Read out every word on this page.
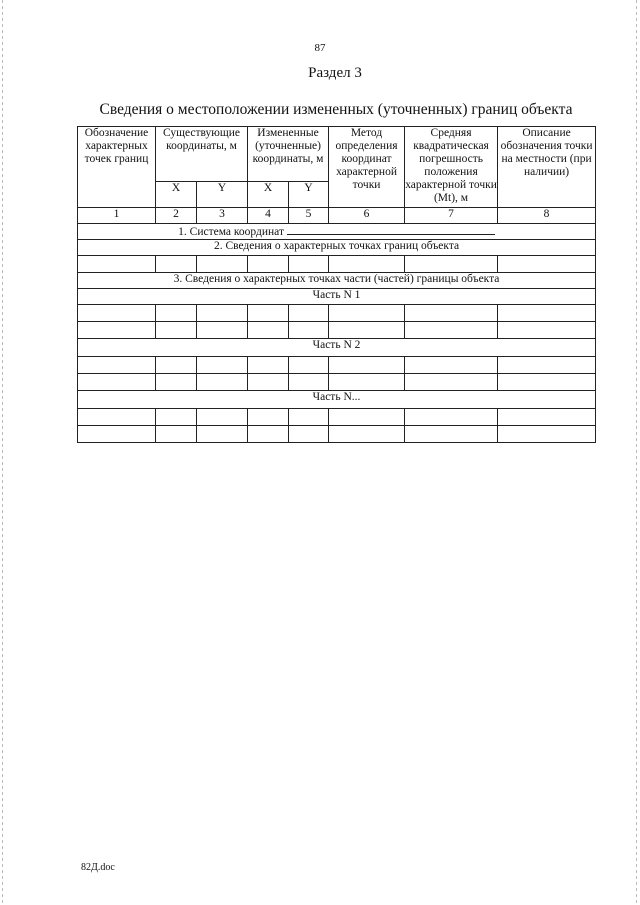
87
Раздел 3
Сведения о местоположении измененных (уточненных) границ объекта
Обозначение характерных точек границ	Существующие координаты, м		Измененные (уточненные) координаты, м		Метод определения координат характерной точки	Средняя квадратическая погрешность положения характерной точки (Mt), м	Описание обозначения точки на местности (при наличии)
	X	Y	X	Y			
1	2	3	4	5	6	7	8
1. Система координат							
2. Сведения о характерных точках границ объекта							

3. Сведения о характерных точках части (частей) границы объекта							
Часть N 1							

Часть N 2							

Часть N...							

82Д.doc
